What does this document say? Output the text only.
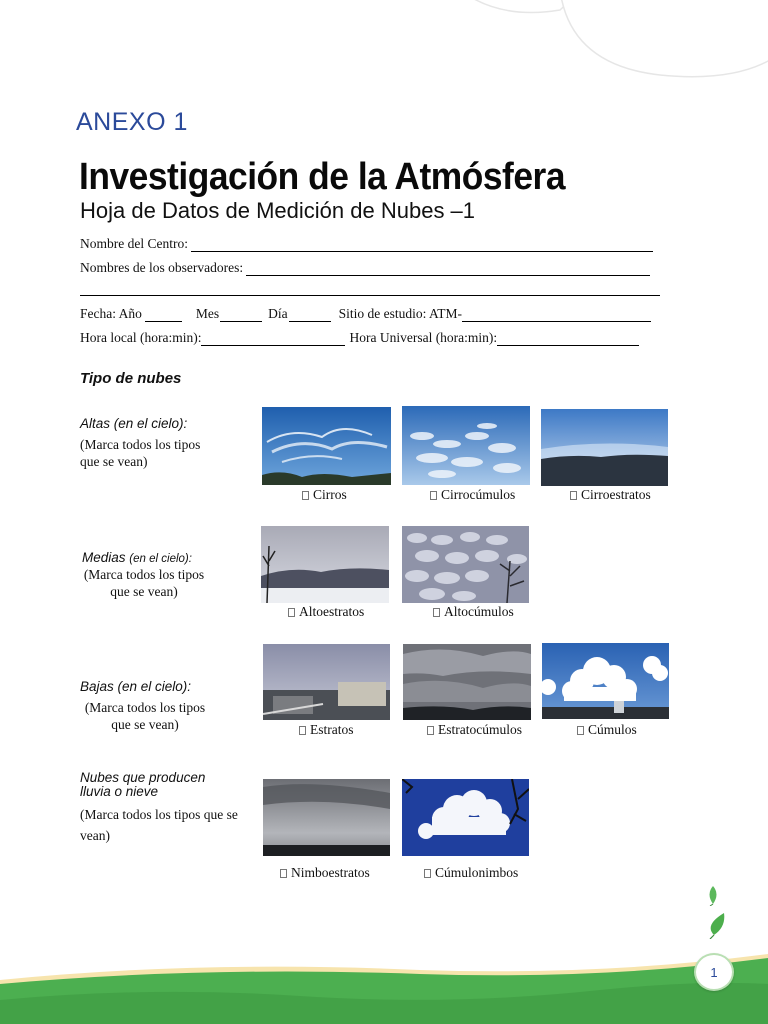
ANEXO 1
Investigación de la Atmósfera
Hoja de Datos de Medición de Nubes –1
Nombre del Centro:
Nombres de los observadores:
Fecha: Año	Mes	Día	Sitio de estudio: ATM-
Hora local (hora:min):	Hora Universal (hora:min):
Tipo de nubes
Altas (en el cielo):
(Marca todos los tipos
que se vean)
Cirros	Cirrocúmulos	Cirroestratos
Medias (en el cielo):
(Marca todos los tipos
que se vean)
Altoestratos	Altocúmulos
Bajas (en el cielo):
(Marca todos los tipos
que se vean)	Estratos	Estratocúmulos	Cúmulos
Nubes que producen
lluvia o nieve
(Marca todos los tipos que se
vean)
Nimboestratos	Cúmulonimbos
1
